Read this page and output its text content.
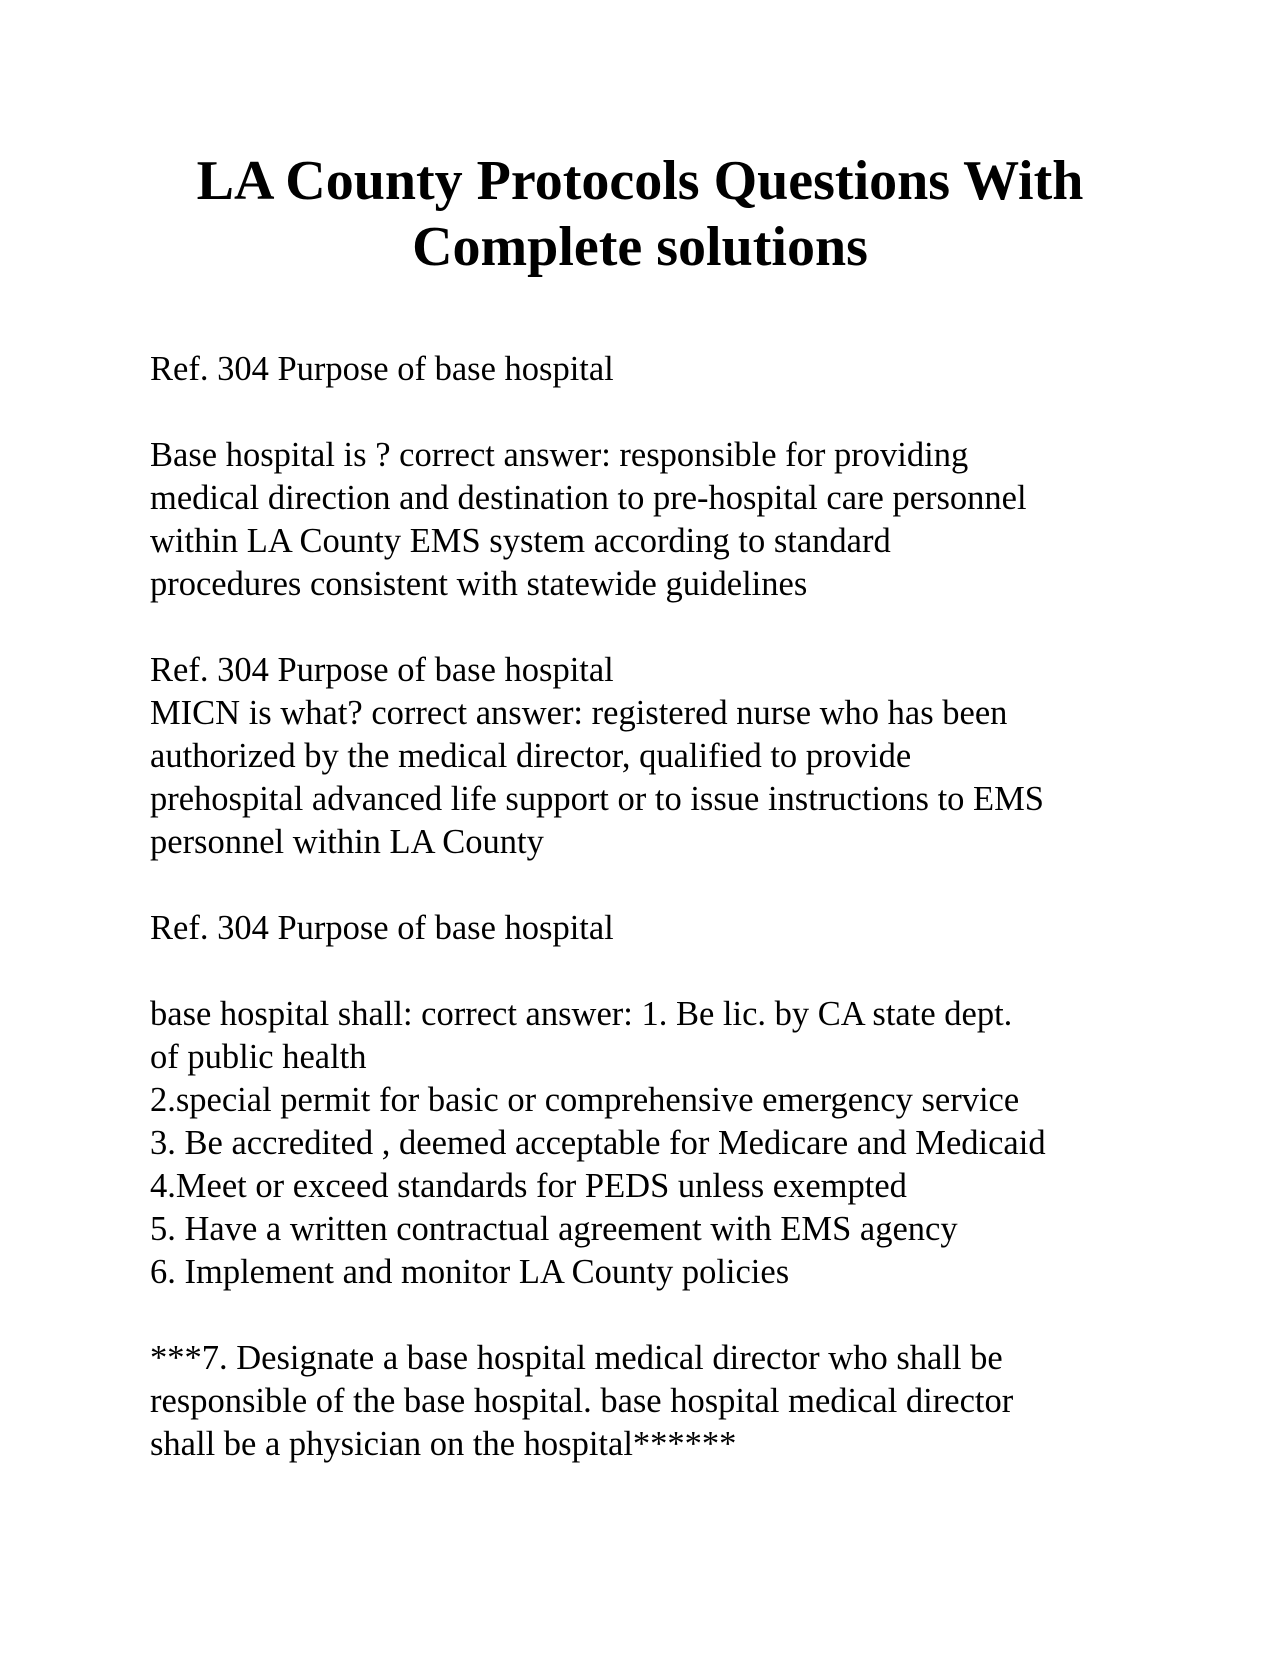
LA County Protocols Questions With Complete solutions
Ref. 304 Purpose of base hospital
Base hospital is ? correct answer: responsible for providing
medical direction and destination to pre-hospital care personnel
within LA County EMS system according to standard
procedures consistent with statewide guidelines
Ref. 304 Purpose of base hospital
MICN is what? correct answer: registered nurse who has been
authorized by the medical director, qualified to provide
prehospital advanced life support or to issue instructions to EMS
personnel within LA County
Ref. 304 Purpose of base hospital
base hospital shall: correct answer: 1. Be lic. by CA state dept.
of public health
2.special permit for basic or comprehensive emergency service
3. Be accredited , deemed acceptable for Medicare and Medicaid
4.Meet or exceed standards for PEDS unless exempted
5. Have a written contractual agreement with EMS agency
6. Implement and monitor LA County policies
***7. Designate a base hospital medical director who shall be
responsible of the base hospital. base hospital medical director
shall be a physician on the hospital******
